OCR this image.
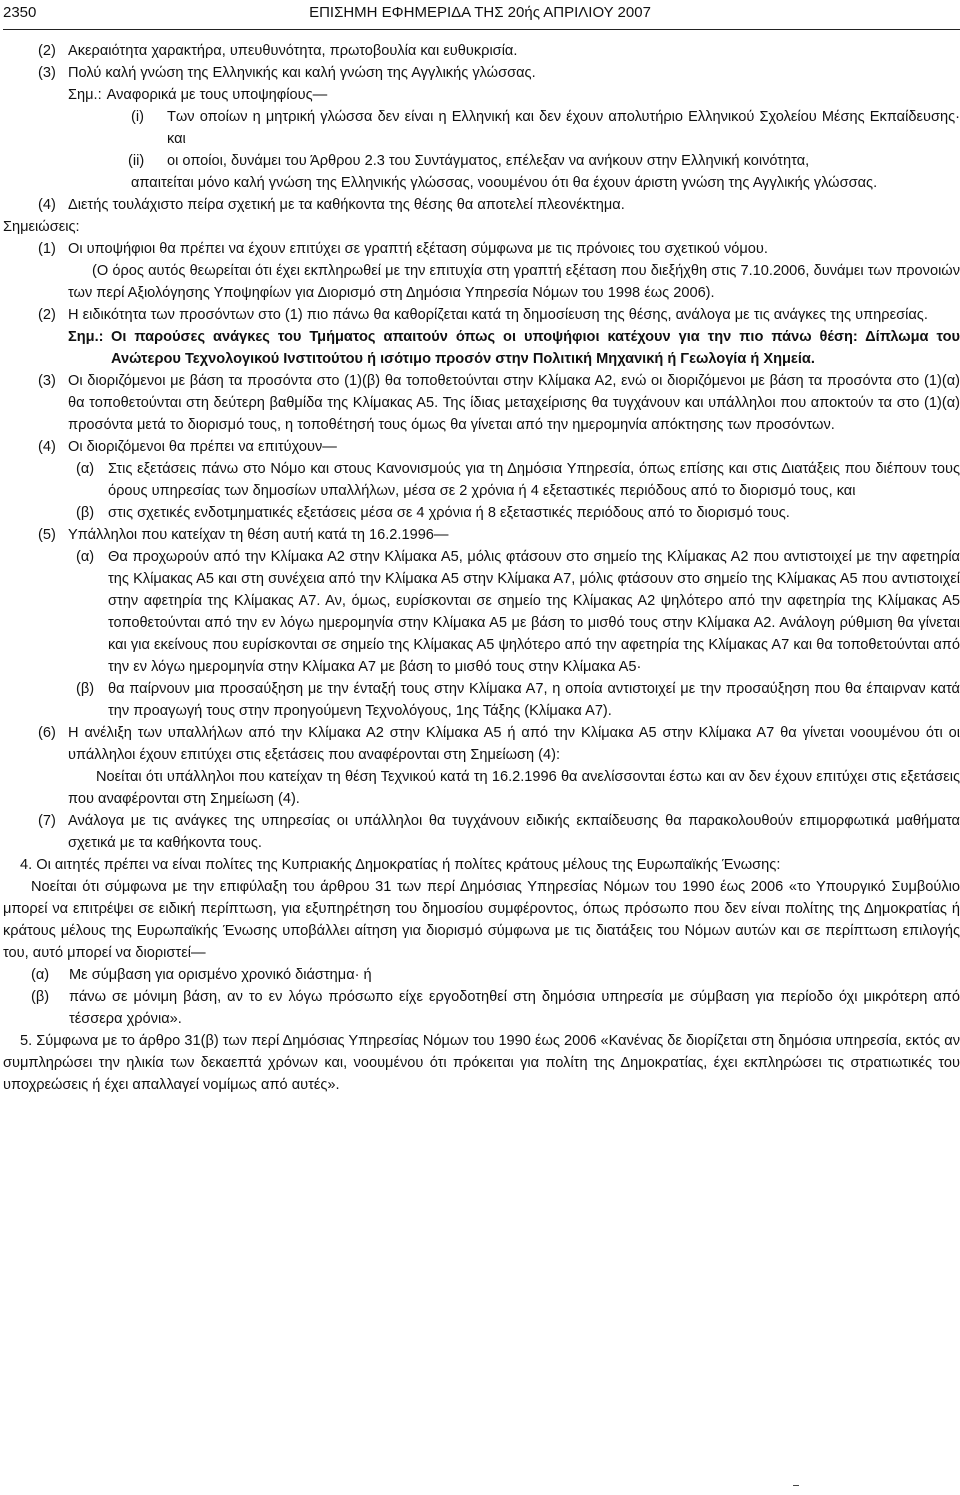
2350	ΕΠΙΣΗΜΗ ΕΦΗΜΕΡΙΔΑ ΤΗΣ 20ής ΑΠΡΙΛΙΟΥ 2007
(2) Ακεραιότητα χαρακτήρα, υπευθυνότητα, πρωτοβουλία και ευθυκρισία.
(3) Πολύ καλή γνώση της Ελληνικής και καλή γνώση της Αγγλικής γλώσσας.
Σημ.: Αναφορικά με τους υποψηφίους—
(i)	Των οποίων η μητρική γλώσσα δεν είναι η Ελληνική και δεν έχουν απολυτήριο Ελληνικού Σχολείου Μέσης Εκπαίδευσης· και
(ii)	οι οποίοι, δυνάμει του Άρθρου 2.3 του Συντάγματος, επέλεξαν να ανήκουν στην Ελληνική κοινότητα,

απαιτείται μόνο καλή γνώση της Ελληνικής γλώσσας, νοουμένου ότι θα έχουν άριστη γνώση της Αγγλικής γλώσσας.

(4) Διετής τουλάχιστο πείρα σχετική με τα καθήκοντα της θέσης θα αποτελεί πλεονέκτημα.

Σημειώσεις:

(1) Οι υποψήφιοι θα πρέπει να έχουν επιτύχει σε γραπτή εξέταση σύμφωνα με τις πρόνοιες του σχετικού νόμου.

(Ο όρος αυτός θεωρείται ότι έχει εκπληρωθεί με την επιτυχία στη γραπτή εξέταση που διεξήχθη στις 7.10.2006, δυνάμει των προνοιών των περί Αξιολόγησης Υποψηφίων για Διορισμό στη Δημόσια Υπηρεσία Νόμων του 1998 έως 2006).

(2) Η ειδικότητα των προσόντων στο (1) πιο πάνω θα καθορίζεται κατά τη δημοσίευση της θέσης, ανάλογα με τις ανάγκες της υπηρεσίας.
Σημ.: Οι παρούσες ανάγκες του Τμήματος απαιτούν όπως οι υποψήφιοι κατέχουν για την πιο πάνω θέση: Δίπλωμα του Ανώτερου Τεχνολογικού Ινστιτούτου ή ισότιμο προσόν στην Πολιτική Μηχανική ή Γεωλογία ή Χημεία.
(3) Οι διοριζόμενοι με βάση τα προσόντα στο (1)(β) θα τοποθετούνται στην Κλίμακα Α2, ενώ οι διοριζόμενοι με βάση τα προσόντα στο (1)(α) θα τοποθετούνται στη δεύτερη βαθμίδα της Κλίμακας Α5. Της ίδιας μεταχείρισης θα τυγχάνουν και υπάλληλοι που αποκτούν τα στο (1)(α) προσόντα μετά το διορισμό τους, η τοποθέτησή τους όμως θα γίνεται από την ημερομηνία απόκτησης των προσόντων.
(4) Οι διοριζόμενοι θα πρέπει να επιτύχουν—
(α) Στις εξετάσεις πάνω στο Νόμο και στους Κανονισμούς για τη Δημόσια Υπηρεσία, όπως επίσης και στις Διατάξεις που διέπουν τους όρους υπηρεσίας των δημοσίων υπαλλήλων, μέσα σε 2 χρόνια ή 4 εξεταστικές περιόδους από το διορισμό τους, και
(β) στις σχετικές ενδοτμηματικές εξετάσεις μέσα σε 4 χρόνια ή 8 εξεταστικές περιόδους από το διορισμό τους.
(5) Υπάλληλοι που κατείχαν τη θέση αυτή κατά τη 16.2.1996—
(α) Θα προχωρούν από την Κλίμακα Α2 στην Κλίμακα Α5, μόλις φτάσουν στο σημείο της Κλίμακας Α2 που αντιστοιχεί με την αφετηρία της Κλίμακας Α5 και στη συνέχεια από την Κλίμακα Α5 στην Κλίμακα Α7, μόλις φτάσουν στο σημείο της Κλίμακας Α5 που αντιστοιχεί στην αφετηρία της Κλίμακας Α7. Αν, όμως, ευρίσκονται σε σημείο της Κλίμακας Α2 ψηλότερο από την αφετηρία της Κλίμακας Α5 τοποθετούνται από την εν λόγω ημερομηνία στην Κλίμακα Α5 με βάση το μισθό τους στην Κλίμακα Α2. Ανάλογη ρύθμιση θα γίνεται και για εκείνους που ευρίσκονται σε σημείο της Κλίμακας Α5 ψηλότερο από την αφετηρία της Κλίμακας Α7 και θα τοποθετούνται από την εν λόγω ημερομηνία στην Κλίμακα Α7 με βάση το μισθό τους στην Κλίμακα Α5·
(β) θα παίρνουν μια προσαύξηση με την ένταξή τους στην Κλίμακα Α7, η οποία αντιστοιχεί με την προσαύξηση που θα έπαιρναν κατά την προαγωγή τους στην προηγούμενη Τεχνολόγους, 1ης Τάξης (Κλίμακα Α7).
(6) Η ανέλιξη των υπαλλήλων από την Κλίμακα Α2 στην Κλίμακα Α5 ή από την Κλίμακα Α5 στην Κλίμακα Α7 θα γίνεται νοουμένου ότι οι υπάλληλοι έχουν επιτύχει στις εξετάσεις που αναφέρονται στη Σημείωση (4):

Νοείται ότι υπάλληλοι που κατείχαν τη θέση Τεχνικού κατά τη 16.2.1996 θα ανελίσσονται έστω και αν δεν έχουν επιτύχει στις εξετάσεις που αναφέρονται στη Σημείωση (4).

(7) Ανάλογα με τις ανάγκες της υπηρεσίας οι υπάλληλοι θα τυγχάνουν ειδικής εκπαίδευσης θα παρακολουθούν επιμορφωτικά μαθήματα σχετικά με τα καθήκοντα τους.

4. Οι αιτητές πρέπει να είναι πολίτες της Κυπριακής Δημοκρατίας ή πολίτες κράτους μέλους της Ευρωπαϊκής Ένωσης:

Νοείται ότι σύμφωνα με την επιφύλαξη του άρθρου 31 των περί Δημόσιας Υπηρεσίας Νόμων του 1990 έως 2006 «το Υπουργικό Συμβούλιο μπορεί να επιτρέψει σε ειδική περίπτωση, για εξυπηρέτηση του δημοσίου συμφέροντος, όπως πρόσωπο που δεν είναι πολίτης της Δημοκρατίας ή κράτους μέλους της Ευρωπαϊκής Ένωσης υποβάλλει αίτηση για διορισμό σύμφωνα με τις διατάξεις του Νόμων αυτών και σε περίπτωση επιλογής του, αυτό μπορεί να διοριστεί—

(α)	Με σύμβαση για ορισμένο χρονικό διάστημα· ή
(β)	πάνω σε μόνιμη βάση, αν το εν λόγω πρόσωπο είχε εργοδοτηθεί στη δημόσια υπηρεσία με σύμβαση για περίοδο όχι μικρότερη από τέσσερα χρόνια».

5. Σύμφωνα με το άρθρο 31(β) των περί Δημόσιας Υπηρεσίας Νόμων του 1990 έως 2006 «Κανένας δε διορίζεται στη δημόσια υπηρεσία, εκτός αν συμπληρώσει την ηλικία των δεκαεπτά χρόνων και, νοουμένου ότι πρόκειται για πολίτη της Δημοκρατίας, έχει εκπληρώσει τις στρατιωτικές του υποχρεώσεις ή έχει απαλλαγεί νομίμως από αυτές».
